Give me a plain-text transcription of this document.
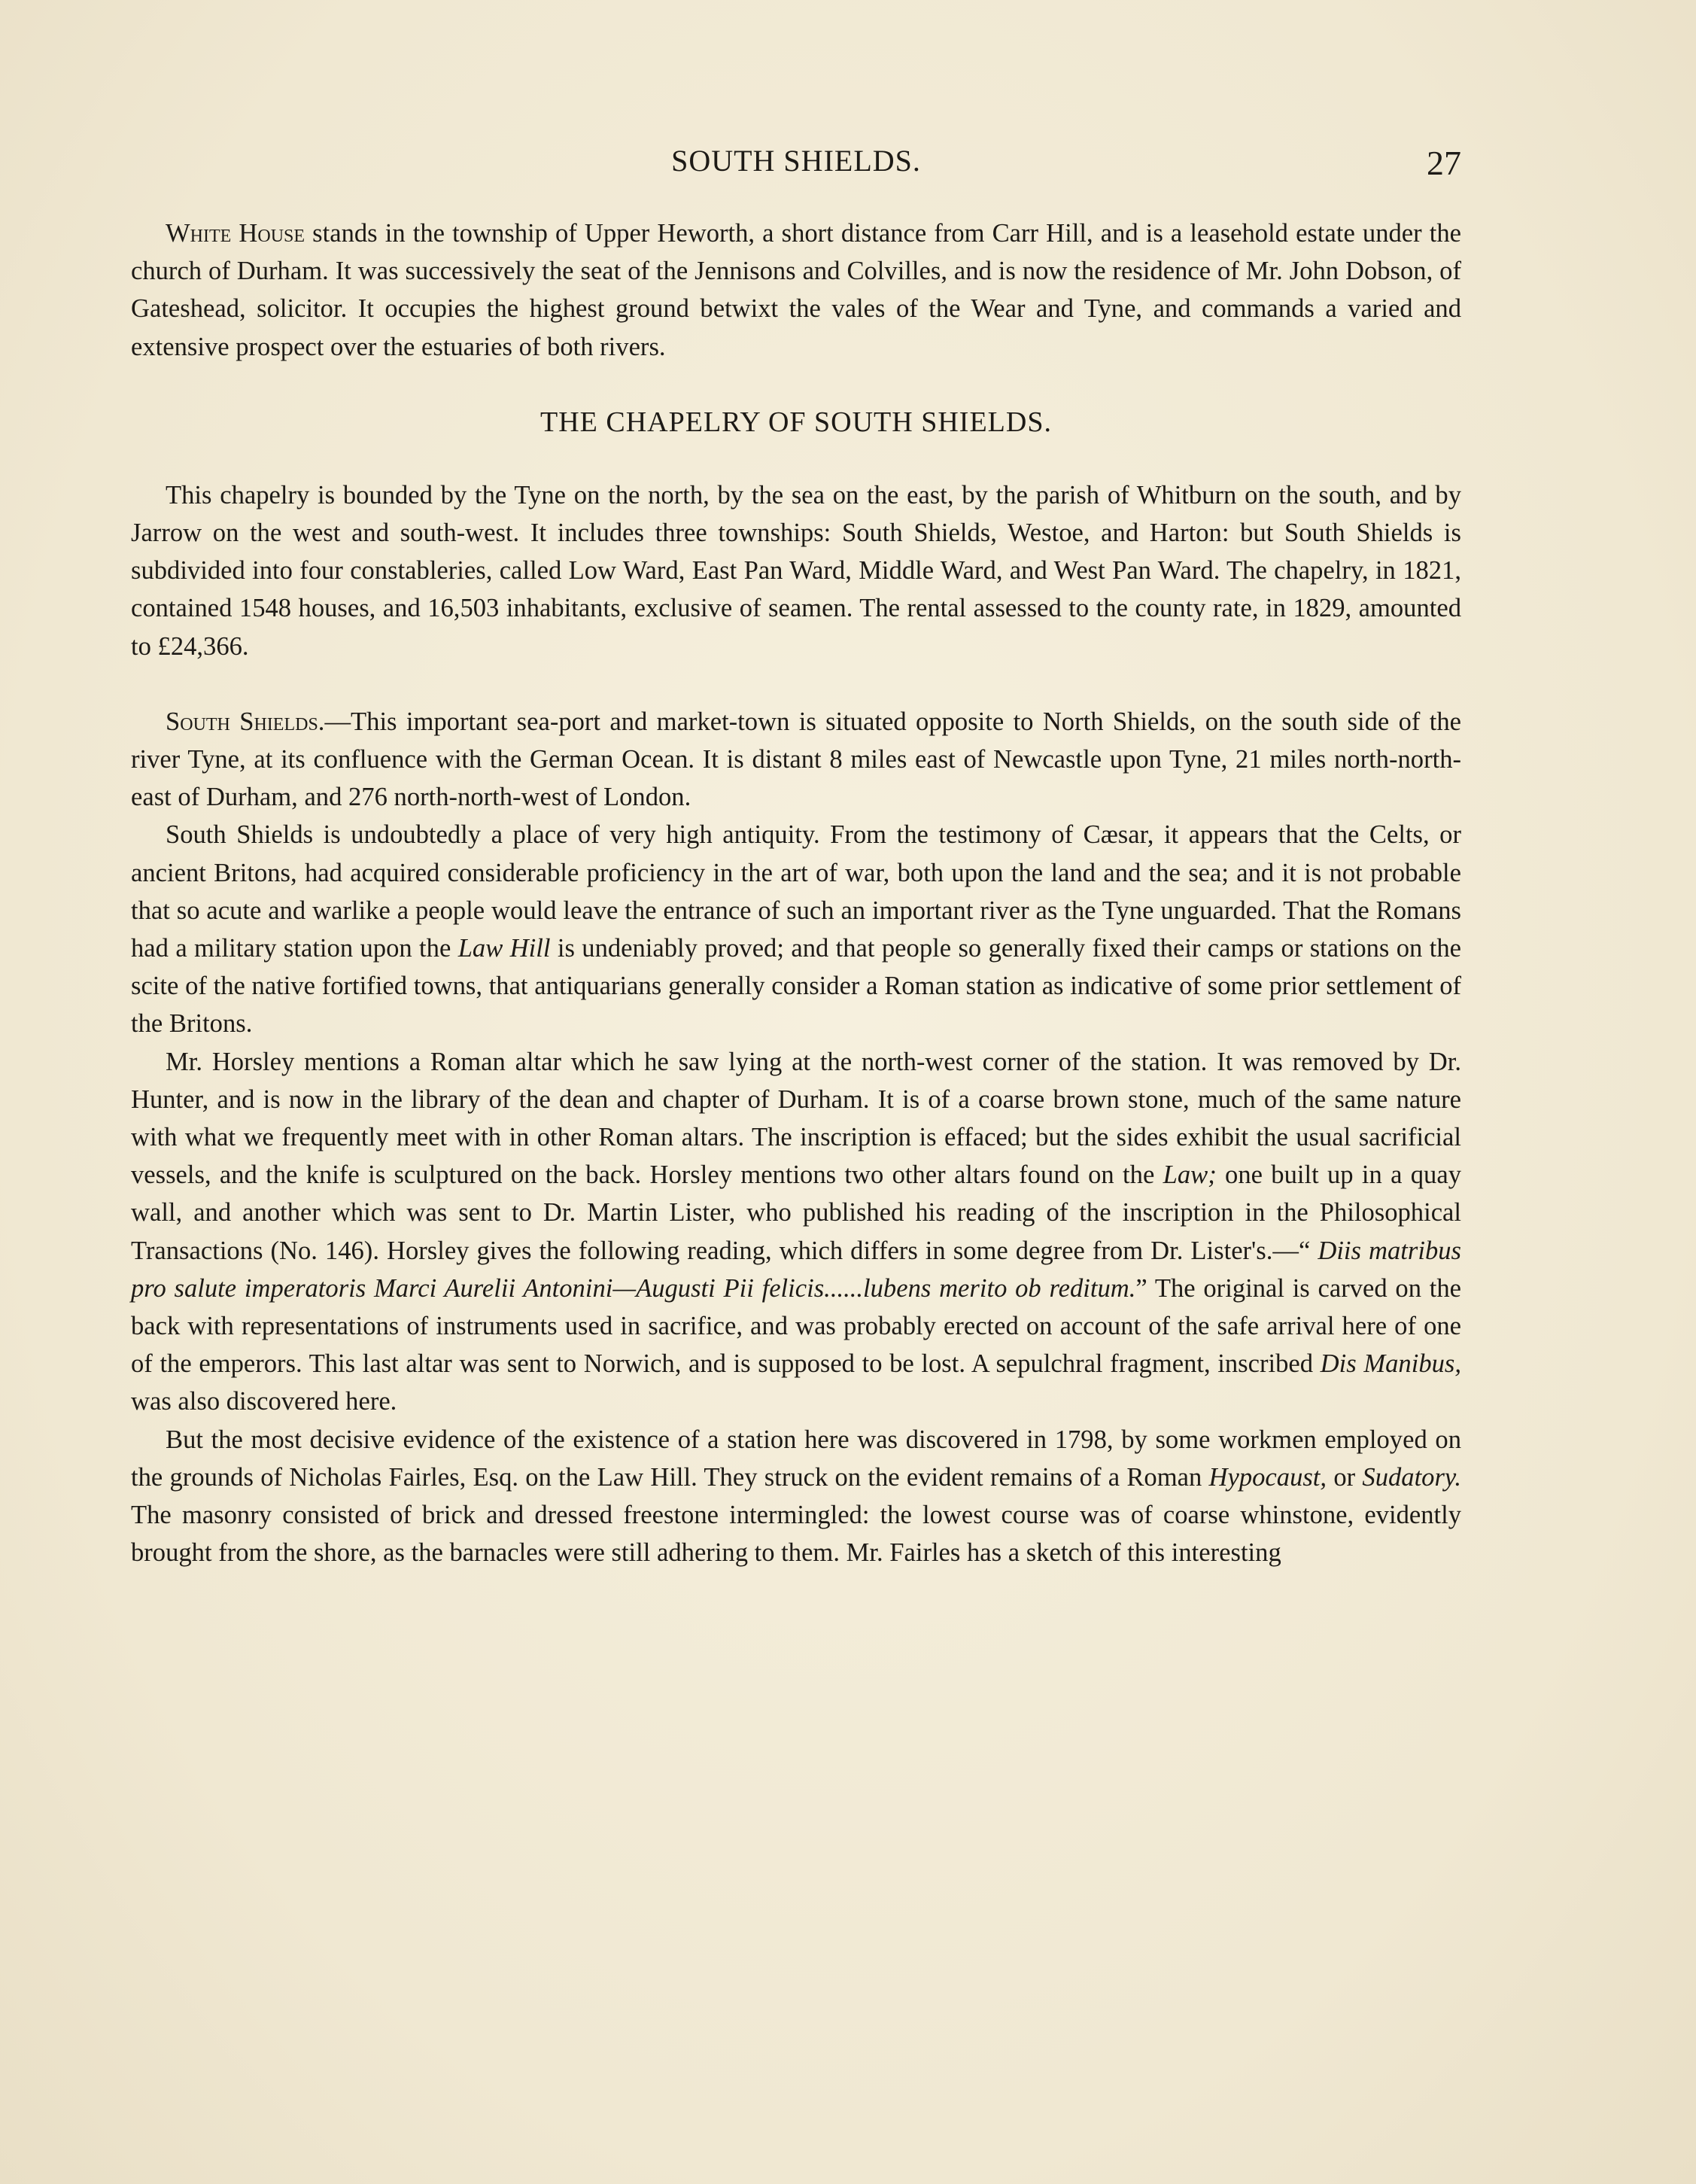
SOUTH SHIELDS.	27

White House stands in the township of Upper Heworth, a short distance from Carr Hill, and is a leasehold estate under the church of Durham. It was successively the seat of the Jennisons and Colvilles, and is now the residence of Mr. John Dobson, of Gateshead, solicitor. It occupies the highest ground betwixt the vales of the Wear and Tyne, and commands a varied and extensive prospect over the estuaries of both rivers.

THE CHAPELRY OF SOUTH SHIELDS.

This chapelry is bounded by the Tyne on the north, by the sea on the east, by the parish of Whitburn on the south, and by Jarrow on the west and south-west. It includes three townships: South Shields, Westoe, and Harton: but South Shields is subdivided into four constableries, called Low Ward, East Pan Ward, Middle Ward, and West Pan Ward. The chapelry, in 1821, contained 1548 houses, and 16,503 inhabitants, exclusive of seamen. The rental assessed to the county rate, in 1829, amounted to £24,366.

South Shields.—This important sea-port and market-town is situated opposite to North Shields, on the south side of the river Tyne, at its confluence with the German Ocean. It is distant 8 miles east of Newcastle upon Tyne, 21 miles north-north-east of Durham, and 276 north-north-west of London.

South Shields is undoubtedly a place of very high antiquity. From the testimony of Cæsar, it appears that the Celts, or ancient Britons, had acquired considerable proficiency in the art of war, both upon the land and the sea; and it is not probable that so acute and warlike a people would leave the entrance of such an important river as the Tyne unguarded. That the Romans had a military station upon the Law Hill is undeniably proved; and that people so generally fixed their camps or stations on the scite of the native fortified towns, that antiquarians generally consider a Roman station as indicative of some prior settlement of the Britons.

Mr. Horsley mentions a Roman altar which he saw lying at the north-west corner of the station. It was removed by Dr. Hunter, and is now in the library of the dean and chapter of Durham. It is of a coarse brown stone, much of the same nature with what we frequently meet with in other Roman altars. The inscription is effaced; but the sides exhibit the usual sacrificial vessels, and the knife is sculptured on the back. Horsley mentions two other altars found on the Law; one built up in a quay wall, and another which was sent to Dr. Martin Lister, who published his reading of the inscription in the Philosophical Transactions (No. 146). Horsley gives the following reading, which differs in some degree from Dr. Lister's.—“ Diis matribus pro salute imperatoris Marci Aurelii Antonini—Augusti Pii felicis......lubens merito ob reditum.” The original is carved on the back with representations of instruments used in sacrifice, and was probably erected on account of the safe arrival here of one of the emperors. This last altar was sent to Norwich, and is supposed to be lost. A sepulchral fragment, inscribed Dis Manibus, was also discovered here.

But the most decisive evidence of the existence of a station here was discovered in 1798, by some workmen employed on the grounds of Nicholas Fairles, Esq. on the Law Hill. They struck on the evident remains of a Roman Hypocaust, or Sudatory. The masonry consisted of brick and dressed freestone intermingled: the lowest course was of coarse whinstone, evidently brought from the shore, as the barnacles were still adhering to them. Mr. Fairles has a sketch of this interesting
